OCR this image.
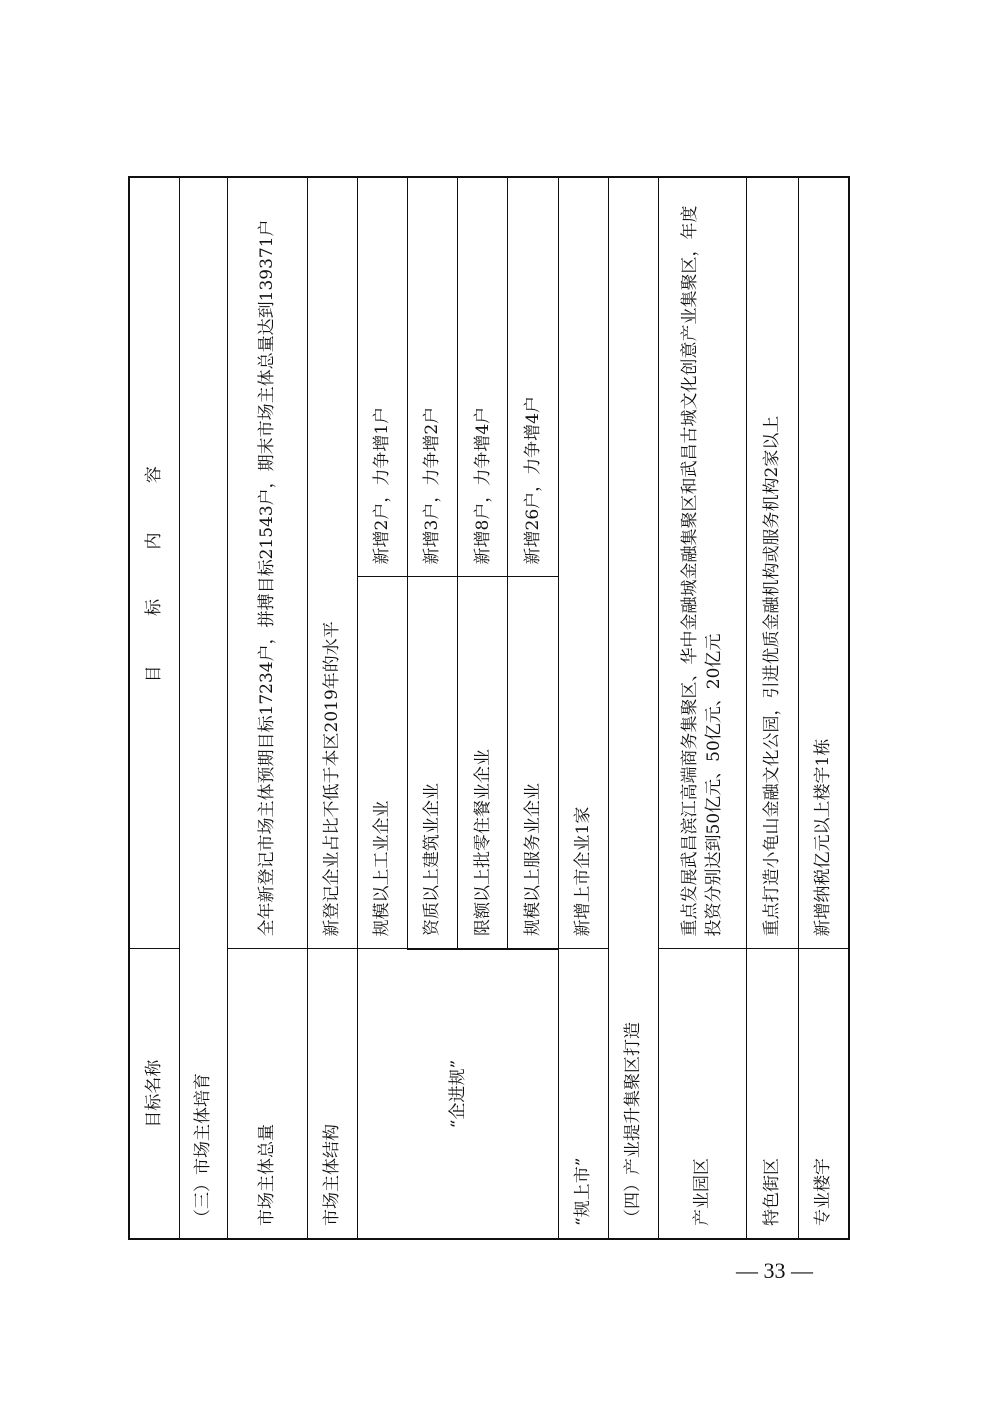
目标名称	目 标 内 容	
（三）市场主体培育		
市场主体总量	全年新登记市场主体预期目标17234户，拼搏目标21543户，期末市场主体总量达到139371户	
市场主体结构	新登记企业占比不低于本区2019年的水平	
“企进规”	规模以上工业企业	新增2户，力争增1户
	资质以上建筑业企业	新增3户，力争增2户
	限额以上批零住餐业企业	新增8户，力争增4户
	规模以上服务业企业	新增26户，力争增4户
“规上市”	新增上市企业1家	
（四）产业提升集聚区打造		
产业园区	重点发展武昌滨江高端商务集聚区、华中金融城金融集聚区和武昌古城文化创意产业集聚区，年度投资分别达到50亿元、50亿元、20亿元	
特色街区	重点打造小龟山金融文化公园，引进优质金融机构或服务机构2家以上	
专业楼宇	新增纳税亿元以上楼宇1栋	
— 33 —
